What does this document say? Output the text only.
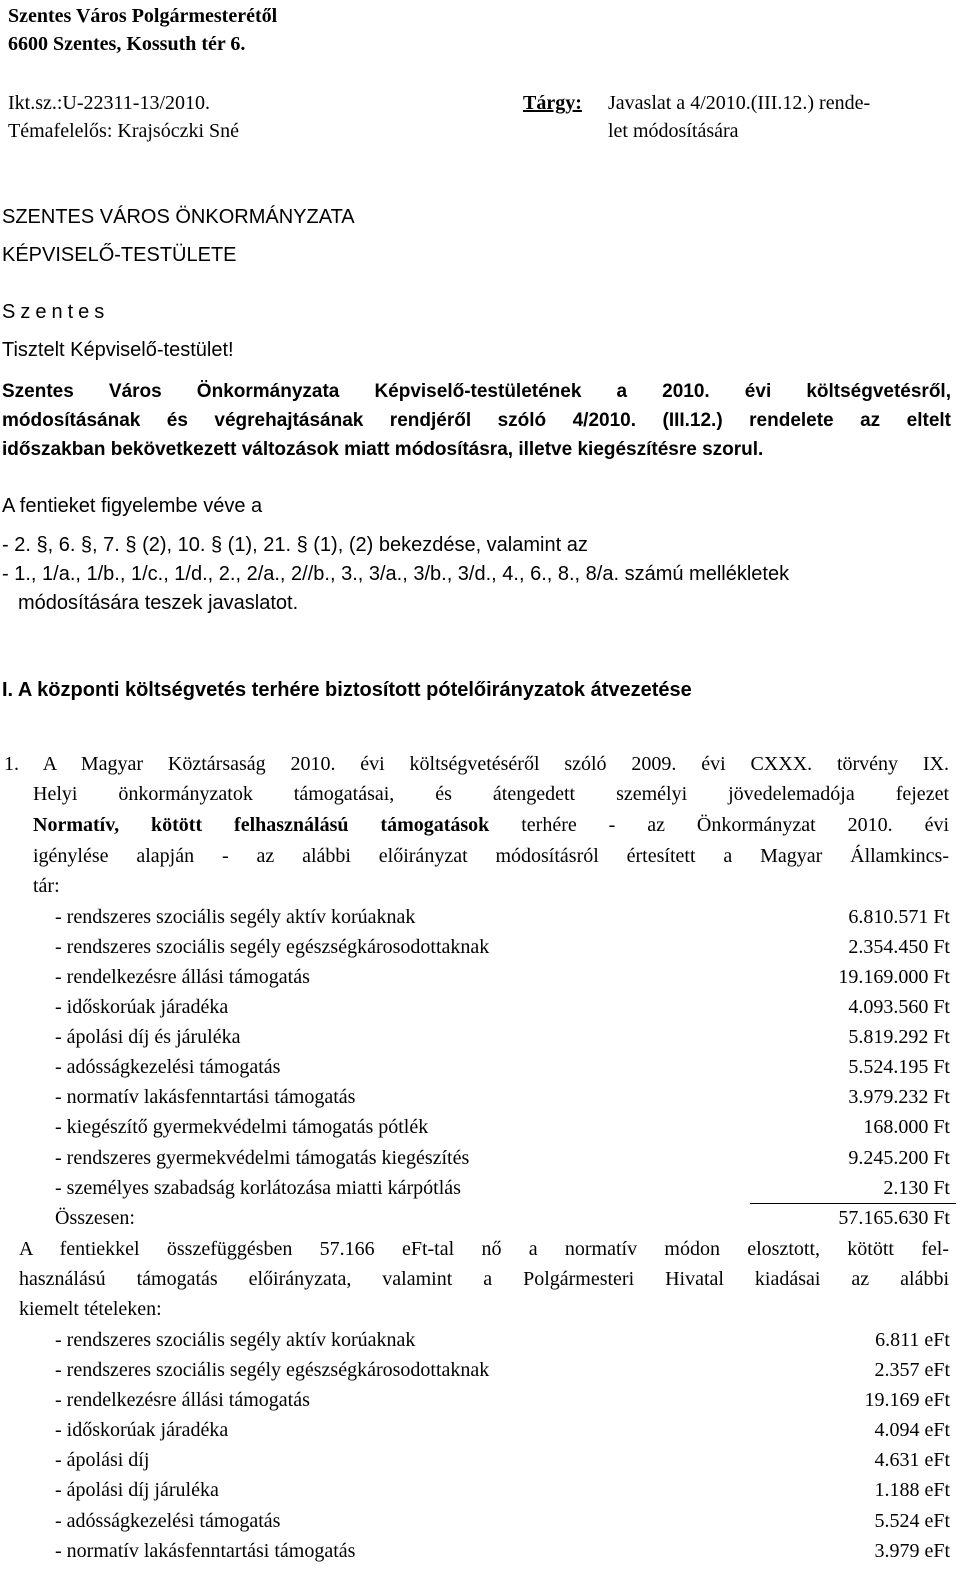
Szentes Város Polgármesterétől
6600 Szentes, Kossuth tér 6.
Ikt.sz.:U-22311-13/2010.
Témafelelős: Krajsóczki Sné
Tárgy: Javaslat a 4/2010.(III.12.) rende-
let módosítására
SZENTES VÁROS ÖNKORMÁNYZATA
KÉPVISELŐ-TESTÜLETE
Szentes
Tisztelt Képviselő-testület!
Szentes Város Önkormányzata Képviselő-testületének a 2010. évi költségvetésről,
módosításának és végrehajtásának rendjéről szóló 4/2010. (III.12.) rendelete az eltelt
időszakban bekövetkezett változások miatt módosításra, illetve kiegészítésre szorul.
A fentieket figyelembe véve a
- 2. §, 6. §, 7. § (2), 10. § (1), 21. § (1), (2) bekezdése, valamint az
- 1., 1/a., 1/b., 1/c., 1/d., 2., 2/a., 2//b., 3., 3/a., 3/b., 3/d., 4., 6., 8., 8/a. számú mellékletek
módosítására teszek javaslatot.
I. A központi költségvetés terhére biztosított pótelőirányzatok átvezetése
1. A Magyar Köztársaság 2010. évi költségvetéséről szóló 2009. évi CXXX. törvény IX.
Helyi önkormányzatok támogatásai, és átengedett személyi jövedelemadója fejezet
Normatív, kötött felhasználású támogatások terhére - az Önkormányzat 2010. évi
igénylése alapján - az alábbi előirányzat módosításról értesített a Magyar Államkincs-
tár:
- rendszeres szociális segély aktív korúaknak	6.810.571 Ft
- rendszeres szociális segély egészségkárosodottaknak	2.354.450 Ft
- rendelkezésre állási támogatás	19.169.000 Ft
- időskorúak járadéka	4.093.560 Ft
- ápolási díj és járuléka	5.819.292 Ft
- adósságkezelési támogatás	5.524.195 Ft
- normatív lakásfenntartási támogatás	3.979.232 Ft
- kiegészítő gyermekvédelmi támogatás pótlék	168.000 Ft
- rendszeres gyermekvédelmi támogatás kiegészítés	9.245.200 Ft
- személyes szabadság korlátozása miatti kárpótlás	2.130 Ft
Összesen:	57.165.630 Ft
A fentiekkel összefüggésben 57.166 eFt-tal nő a normatív módon elosztott, kötött fel-
használású támogatás előirányzata, valamint a Polgármesteri Hivatal kiadásai az alábbi
kiemelt tételeken:
- rendszeres szociális segély aktív korúaknak	6.811 eFt
- rendszeres szociális segély egészségkárosodottaknak	2.357 eFt
- rendelkezésre állási támogatás	19.169 eFt
- időskorúak járadéka	4.094 eFt
- ápolási díj	4.631 eFt
- ápolási díj járuléka	1.188 eFt
- adósságkezelési támogatás	5.524 eFt
- normatív lakásfenntartási támogatás	3.979 eFt
